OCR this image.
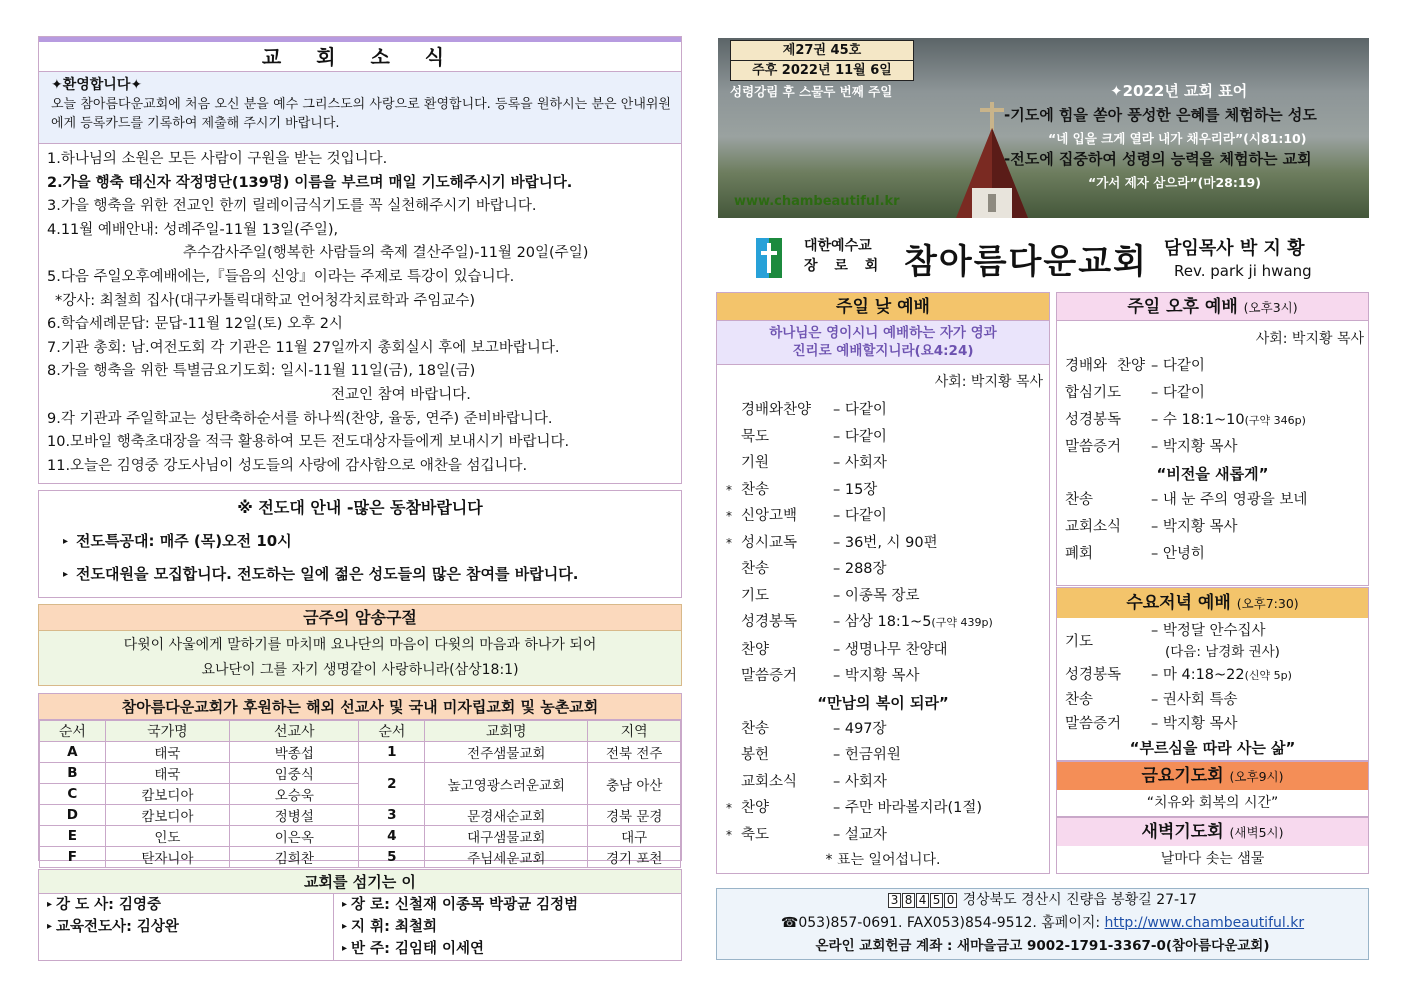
교 회 소 식
✦환영합니다✦
오늘 참아름다운교회에 처음 오신 분을 예수 그리스도의 사랑으로 환영합니다. 등록을 원하시는 분은 안내위원에게 등록카드를 기록하여 제출해 주시기 바랍니다.
1.하나님의 소원은 모든 사람이 구원을 받는 것입니다.
2.가을 행축 태신자 작정명단(139명) 이름을 부르며 매일 기도해주시기 바랍니다.
3.가을 행축을 위한 전교인 한끼 릴레이금식기도를 꼭 실천해주시기 바랍니다.
4.11월 예배안내: 성례주일-11월 13일(주일),
추수감사주일(행복한 사람들의 축제 결산주일)-11월 20일(주일)
5.다음 주일오후예배에는,『들음의 신앙』이라는 주제로 특강이 있습니다.
*강사: 최철희 집사(대구카톨릭대학교 언어청각치료학과 주임교수)
6.학습세례문답: 문답-11월 12일(토) 오후 2시
7.기관 총회: 남.여전도회 각 기관은 11월 27일까지 총회실시 후에 보고바랍니다.
8.가을 행축을 위한 특별금요기도회: 일시-11월 11일(금), 18일(금)
전교인 참여 바랍니다.
9.각 기관과 주일학교는 성탄축하순서를 하나씩(찬양, 율동, 연주) 준비바랍니다.
10.모바일 행축초대장을 적극 활용하여 모든 전도대상자들에게 보내시기 바랍니다.
11.오늘은 김영중 강도사님이 성도들의 사랑에 감사함으로 애찬을 섬깁니다.
※ 전도대 안내 -많은 동참바랍니다
▸ 전도특공대: 매주 (목)오전 10시
▸ 전도대원을 모집합니다. 전도하는 일에 젊은 성도들의 많은 참여를 바랍니다.
금주의 암송구절
다윗이 사울에게 말하기를 마치매 요나단의 마음이 다윗의 마음과 하나가 되어
요나단이 그를 자기 생명같이 사랑하니라(삼상18:1)
참아름다운교회가 후원하는 해외 선교사 및 국내 미자립교회 및 농촌교회
순서	국가명	선교사	순서	교회명	지역
A	태국	박종섭	1	전주샘물교회	전북 전주
B	태국	임중식	2	높고영광스러운교회	충남 아산
C	캄보디아	오승욱			
D	캄보디아	정병설	3	문경새순교회	경북 문경
E	인도	이은옥	4	대구샘물교회	대구
F	탄자니아	김희찬	5	주님세운교회	경기 포천
교회를 섬기는 이
▸ 강 도 사: 김영중
▸ 교육전도사: 김상완
▸ 장 로: 신철재 이종목 박광균 김정범
▸ 지 휘: 최철희
▸ 반 주: 김임태 이세연
제27권 45호
주후 2022년 11월 6일
성령강림 후 스물두 번째 주일	✦2022년 교회 표어
-기도에 힘을 쏟아 풍성한 은혜를 체험하는 성도
“네 입을 크게 열라 내가 채우리라”(시81:10)
-전도에 집중하여 성령의 능력을 체험하는 교회
“가서 제자 삼으라”(마28:19)
www.chambeautiful.kr
대한예수교
장 로 회 참아름다운교회 담임목사 박 지 황
Rev. park ji hwang
주일 낮 예배
하나님은 영이시니 예배하는 자가 영과
진리로 예배할지니라(요4:24)
사회: 박지황 목사
경배와찬양	– 다같이
묵도	– 다같이
기원	– 사회자
* 찬송	– 15장
* 신앙고백	– 다같이
* 성시교독	– 36번, 시 90편
찬송	– 288장
기도	– 이종목 장로
성경봉독	– 삼상 18:1~5(구약 439p)
찬양	– 생명나무 찬양대
말씀증거	– 박지황 목사
“만남의 복이 되라”
찬송	– 497장
봉헌	– 헌금위원
교회소식	– 사회자
* 찬양	– 주만 바라볼지라(1절)
* 축도	– 설교자
* 표는 일어섭니다.
주일 오후 예배 (오후3시)
사회: 박지황 목사
경배와 찬양 – 다같이
합심기도	– 다같이
성경봉독	– 수 18:1~10(구약 346p)
말씀증거	– 박지황 목사
“비전을 새롭게”
찬송	– 내 눈 주의 영광을 보네
교회소식	– 박지황 목사
폐회	– 안녕히
수요저녁 예배 (오후7:30)
기도
– 박정달 안수집사
(다음: 남경화 권사)
성경봉독	– 마 4:18~22(신약 5p)
찬송	– 권사회 특송
말씀증거	– 박지황 목사
“부르심을 따라 사는 삶”
금요기도회 (오후9시)
“치유와 회복의 시간”
새벽기도회 (새벽5시)
날마다 솟는 샘물
3 8 4 5 0 경상북도 경산시 진량읍 봉황길 27-17
☎053)857-0691. FAX053)854-9512. 홈페이지: http://www.chambeautiful.kr
온라인 교회헌금 계좌 : 새마을금고 9002-1791-3367-0(참아름다운교회)
